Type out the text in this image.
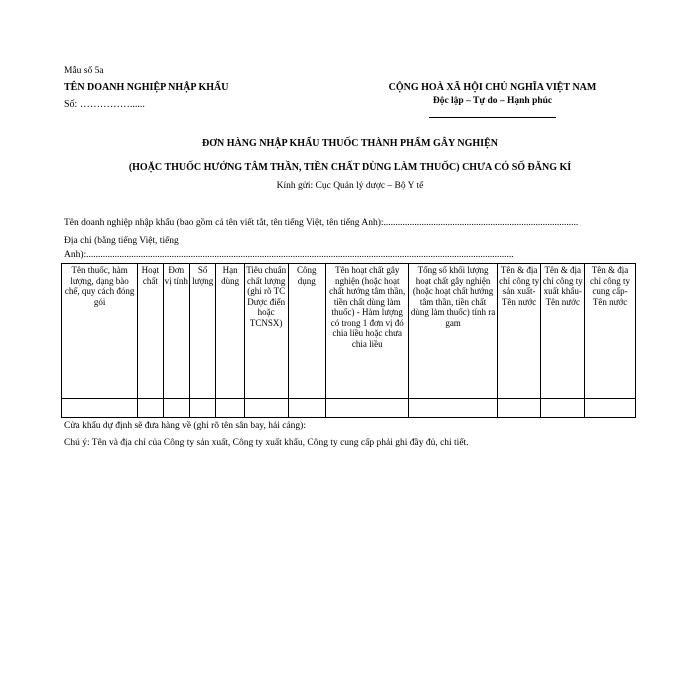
Mẫu số 5a
TÊN DOANH NGHIỆP NHẬP KHẨU
Số: ……………......
CỘNG HOÀ XÃ HỘI CHỦ NGHĨA VIỆT NAM
Độc lập – Tự do – Hạnh phúc
ĐƠN HÀNG NHẬP KHẨU THUỐC THÀNH PHẨM GÂY NGHIỆN
(HOẶC THUỐC HƯỚNG TÂM THẦN, TIỀN CHẤT DÙNG LÀM THUỐC) CHƯA CÓ SỐ ĐĂNG KÍ
Kính gửi: Cục Quản lý dược – Bộ Y tế
Tên doanh nghiệp nhập khẩu (bao gồm cả tên viết tắt, tên tiếng Việt, tên tiếng Anh):..................................................................................
Địa chỉ (bằng tiếng Việt, tiếng
Anh):....................................................................................................................................................................................
Tên thuốc, hàm lượng, dạng bào chế, quy cách đóng gói	Hoạt chất	Đơn vị tính	Số lượng	Hạn dùng	Tiêu chuẩn chất lượng (ghi rõ TC Dược điển hoặc TCNSX)	Công dụng	Tên hoạt chất gây nghiện (hoặc hoạt chất hướng tâm thần, tiền chất dùng làm thuốc) - Hàm lượng có trong 1 đơn vị đó chia liều hoặc chưa chia liều	Tổng số khối lượng hoạt chất gây nghiện (hoặc hoạt chất hướng tâm thần, tiền chất dùng làm thuốc) tính ra gam	Tên & địa chỉ công ty sản xuất-Tên nước	Tên & địa chỉ công ty xuất khẩu-Tên nước	Tên & địa chỉ công ty cung cấp- Tên nước

Cửa khẩu dự định sẽ đưa hàng về (ghi rõ tên sân bay, hải cảng):
Chú ý: Tên và địa chỉ của Công ty sản xuất, Công ty xuất khẩu, Công ty cung cấp phải ghi đầy đủ, chi tiết.
